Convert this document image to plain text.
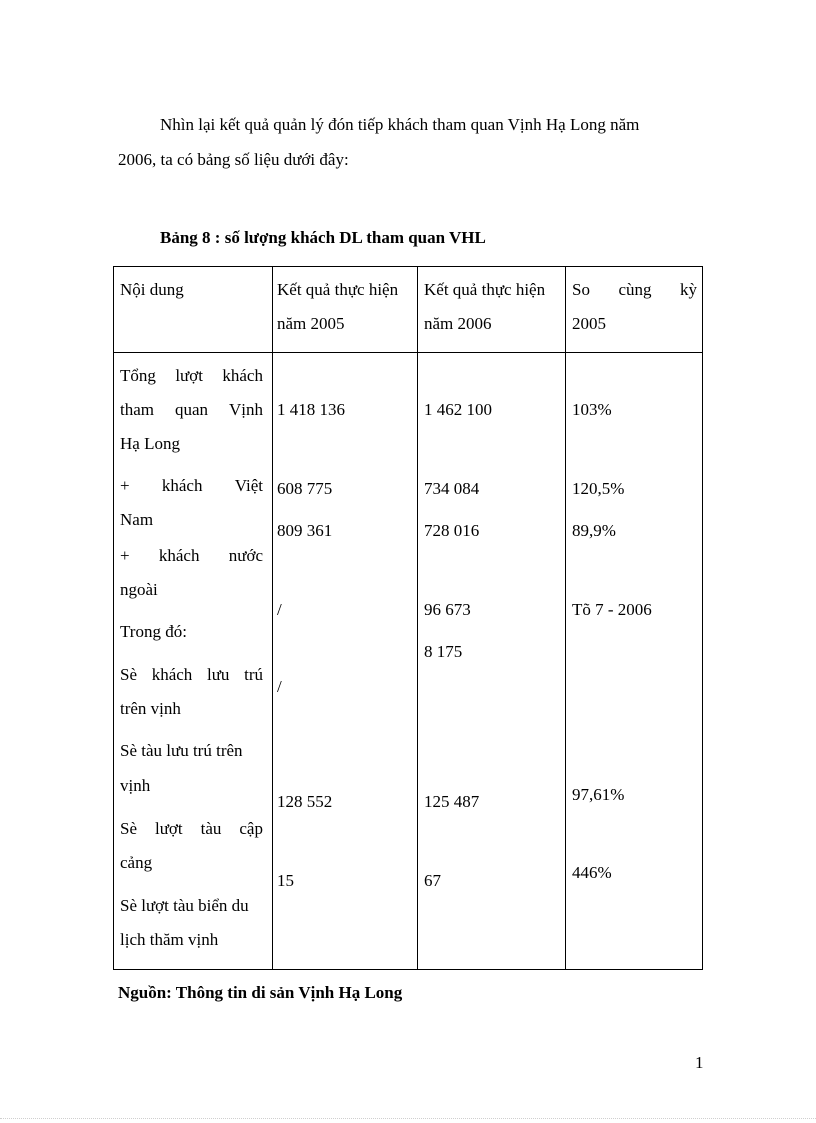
Nhìn lại kết quả quản lý đón tiếp khách tham quan Vịnh Hạ Long năm
2006, ta có bảng số liệu dưới đây:
Bảng 8 : số lượng khách DL tham quan VHL
Nội dung	Kết quả thực hiện
năm 2005
Kết quả thực hiện
năm 2006
So cùng kỳ
2005
Tổng lượt khách
tham quan Vịnh
Hạ Long
+ khách Việt
Nam
+ khách nước
ngoài
Trong đó:
Sè khách lưu trú
trên vịnh
Sè tàu lưu trú trên
vịnh
Sè lượt tàu cập
cảng
Sè lượt tàu biển du
lịch thăm vịnh
1 418 136
608 775
809 361
/
/
128 552
15
1 462 100
734 084
728 016
96 673
8 175
125 487
67
103%
120,5%
89,9%
Tõ 7 - 2006
97,61%
446%
Nguồn: Thông tin di sản Vịnh Hạ Long
1
